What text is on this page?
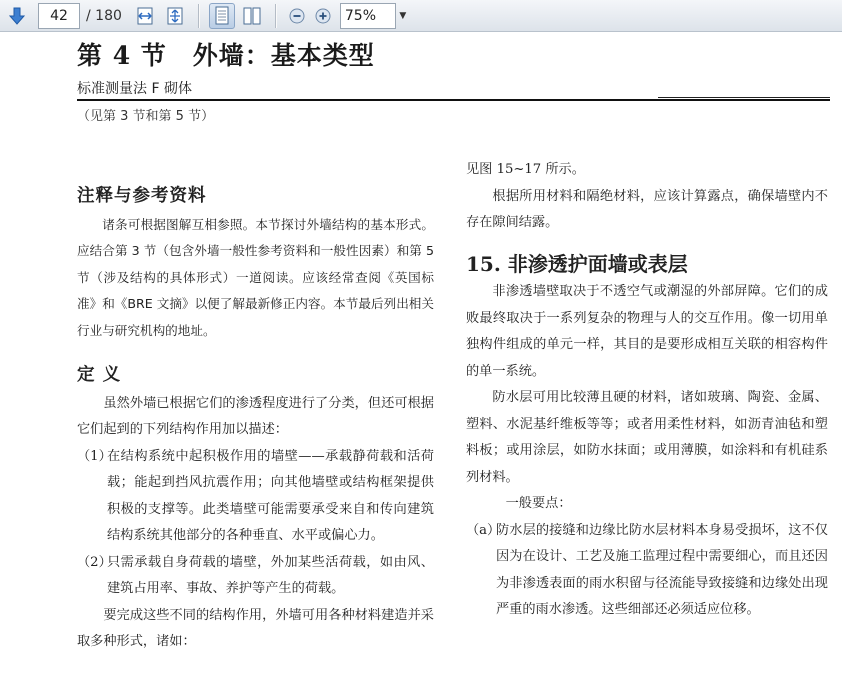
42	/ 180	75%	▼
第 4 节　外墙：基本类型
标准测量法 F 砌体
（见第 3 节和第 5 节）
注释与参考资料

诸条可根据图解互相参照。本节探讨外墙结构的基本形式。应结合第 3 节（包含外墙一般性参考资料和一般性因素）和第 5 节（涉及结构的具体形式）一道阅读。应该经常查阅《英国标准》和《BRE 文摘》以便了解最新修正内容。本节最后列出相关行业与研究机构的地址。

定 义

虽然外墙已根据它们的渗透程度进行了分类，但还可根据它们起到的下列结构作用加以描述：

（1）
在结构系统中起积极作用的墙壁——承载静荷载和活荷载；能起到挡风抗震作用；向其他墙壁或结构框架提供积极的支撑等。此类墙壁可能需要承受来自和传向建筑结构系统其他部分的各种垂直、水平或偏心力。
（2）
只需承载自身荷载的墙壁，外加某些活荷载，如由风、建筑占用率、事故、养护等产生的荷载。

要完成这些不同的结构作用，外墙可用各种材料建造并采取多种形式，诸如：

见图 15~17 所示。

根据所用材料和隔绝材料，应该计算露点，确保墙壁内不存在隙间结露。

15. 非渗透护面墙或表层

非渗透墙壁取决于不透空气或潮湿的外部屏障。它们的成败最终取决于一系列复杂的物理与人的交互作用。像一切用单独构件组成的单元一样，其目的是要形成相互关联的相容构件的单一系统。

防水层可用比较薄且硬的材料，诸如玻璃、陶瓷、金属、塑料、水泥基纤维板等等；或者用柔性材料，如沥青油毡和塑料板；或用涂层，如防水抹面；或用薄膜，如涂料和有机硅系列材料。

一般要点：

（a）
防水层的接缝和边缘比防水层材料本身易受损坏，这不仅因为在设计、工艺及施工监理过程中需要细心，而且还因为非渗透表面的雨水积留与径流能导致接缝和边缘处出现严重的雨水渗透。这些细部还必须适应位移。
